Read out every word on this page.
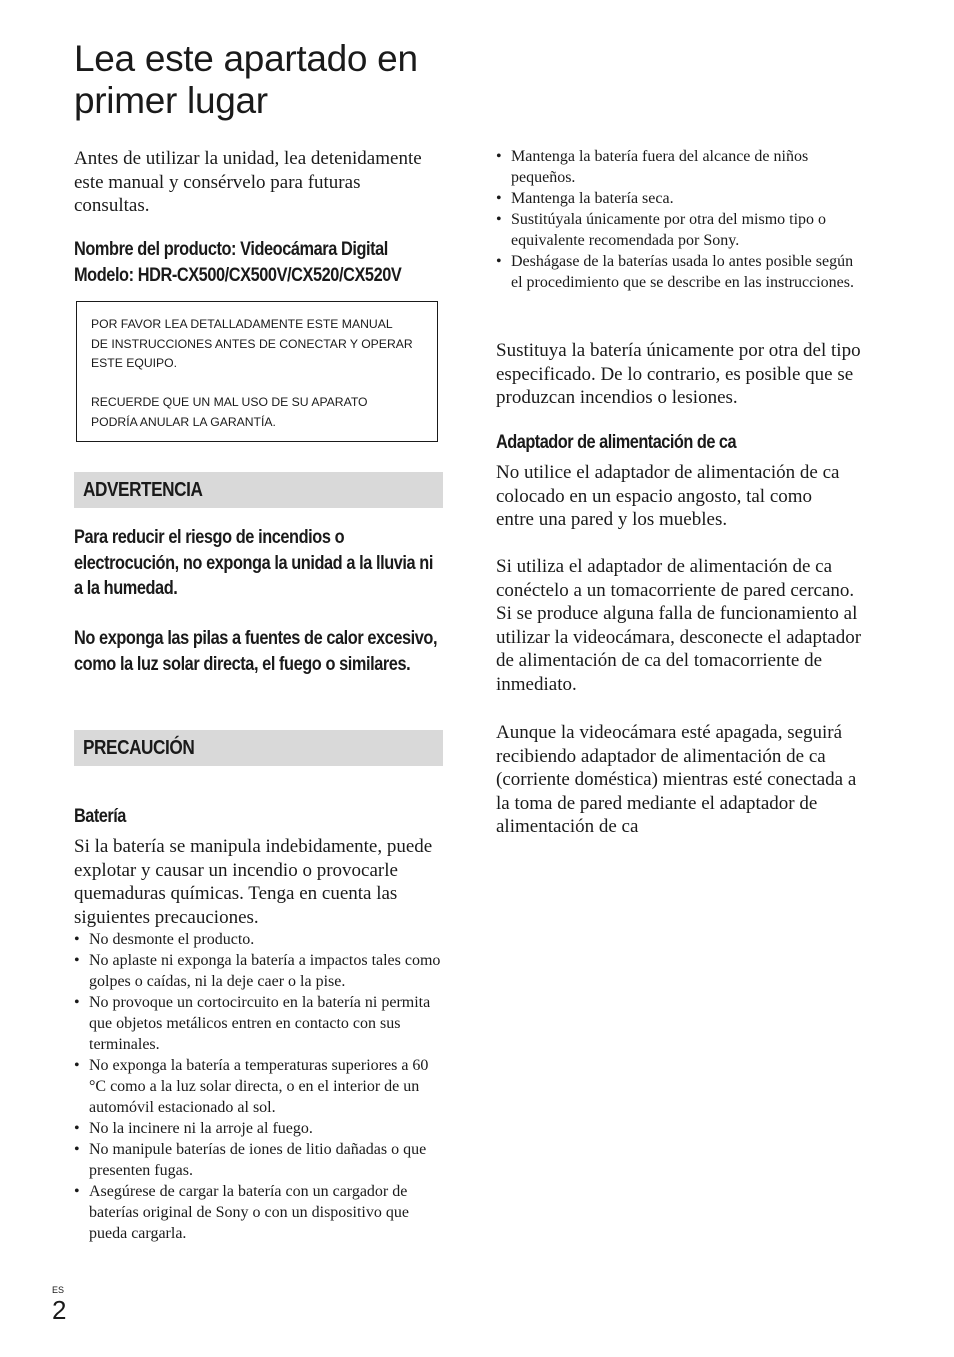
Lea este apartado en primer lugar

Antes de utilizar la unidad, lea detenidamente este manual y consérvelo para futuras consultas.

Nombre del producto: Videocámara Digital
Modelo: HDR-CX500/CX500V/CX520/CX520V

POR FAVOR LEA DETALLADAMENTE ESTE MANUAL

DE INSTRUCCIONES ANTES DE CONECTAR Y OPERAR

ESTE EQUIPO.

RECUERDE QUE UN MAL USO DE SU APARATO

PODRÍA ANULAR LA GARANTÍA.

ADVERTENCIA

Para reducir el riesgo de incendios o electrocución, no exponga la unidad a la lluvia ni a la humedad.

No exponga las pilas a fuentes de calor excesivo, como la luz solar directa, el fuego o similares.

PRECAUCIÓN
Batería

Si la batería se manipula indebidamente, puede explotar y causar un incendio o provocarle quemaduras químicas. Tenga en cuenta las siguientes precauciones.

• No desmonte el producto.
• No aplaste ni exponga la batería a impactos tales como golpes o caídas, ni la deje caer o la pise.
• No provoque un cortocircuito en la batería ni permita que objetos metálicos entren en contacto con sus terminales.
• No exponga la batería a temperaturas superiores a 60 °C como a la luz solar directa, o en el interior de un automóvil estacionado al sol.
• No la incinere ni la arroje al fuego.
• No manipule baterías de iones de litio dañadas o que presenten fugas.
• Asegúrese de cargar la batería con un cargador de baterías original de Sony o con un dispositivo que pueda cargarla.
• Mantenga la batería fuera del alcance de niños pequeños.
• Mantenga la batería seca.
• Sustitúyala únicamente por otra del mismo tipo o equivalente recomendada por Sony.
• Deshágase de la baterías usada lo antes posible según el procedimiento que se describe en las instrucciones.

Sustituya la batería únicamente por otra del tipo especificado. De lo contrario, es posible que se produzcan incendios o lesiones.

Adaptador de alimentación de ca

No utilice el adaptador de alimentación de ca colocado en un espacio angosto, tal como entre una pared y los muebles.

Si utiliza el adaptador de alimentación de ca conéctelo a un tomacorriente de pared cercano. Si se produce alguna falla de funcionamiento al utilizar la videocámara, desconecte el adaptador de alimentación de ca del tomacorriente de inmediato.

Aunque la videocámara esté apagada, seguirá recibiendo adaptador de alimentación de ca (corriente doméstica) mientras esté conectada a la toma de pared mediante el adaptador de alimentación de ca

ES
2
